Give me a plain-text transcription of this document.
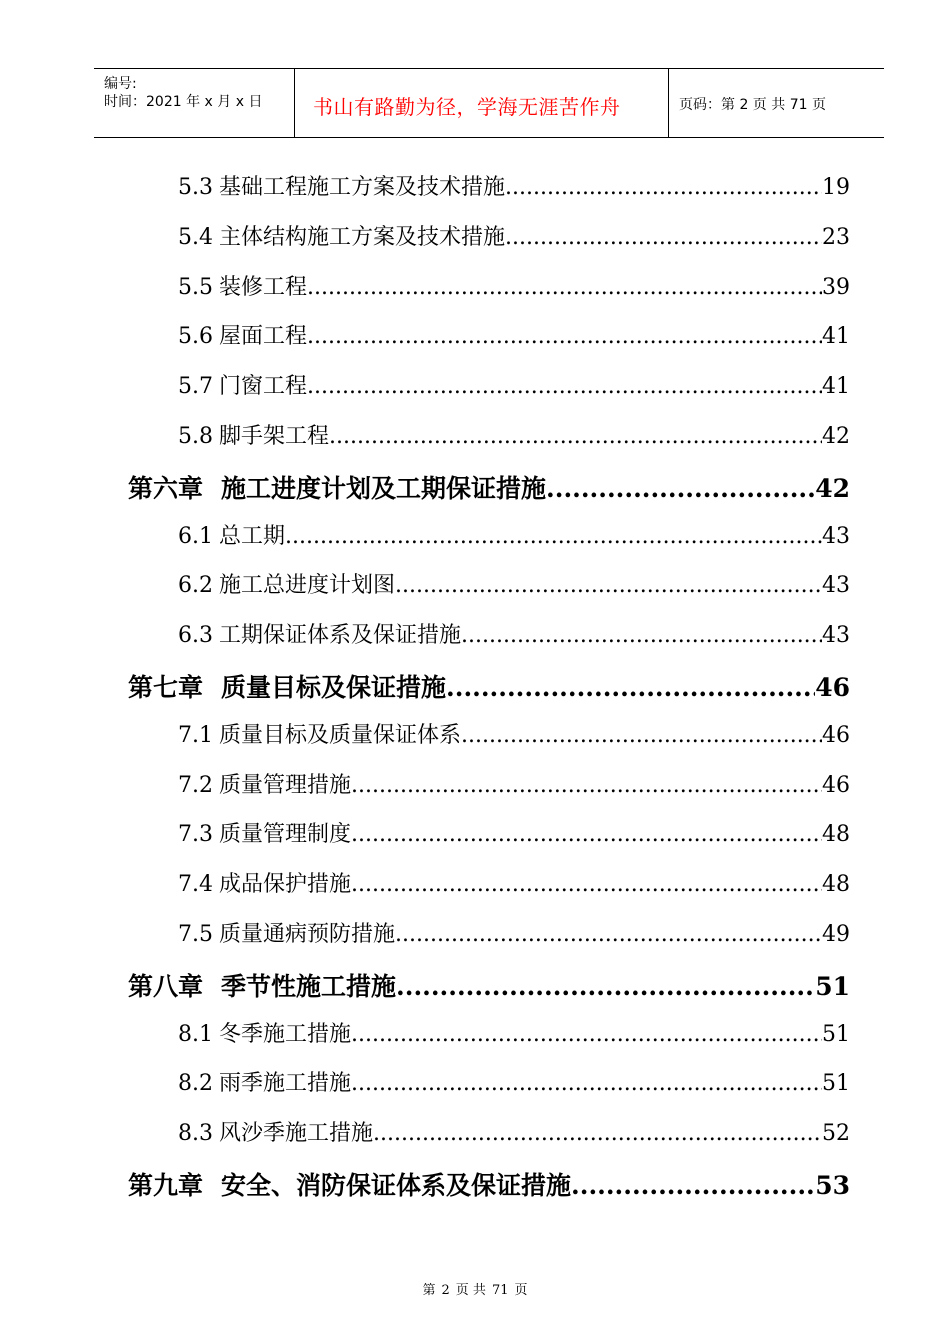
编号:
时间：2021 年 x 月 x 日	书山有路勤为径，学海无涯苦作舟	页码：第 2 页 共 71 页
5.3 基础工程施工方案及技术措施 .....	19
5.4 主体结构施工方案及技术措施 .....	23
5.5 装修工程 .....	39
5.6 屋面工程 .....	41
5.7 门窗工程 .....	41
5.8 脚手架工程 .....	42
第六章 施工进度计划及工期保证措施 .....	42
6.1 总工期 .....	43
6.2 施工总进度计划图 .....	43
6.3 工期保证体系及保证措施 .....	43
第七章 质量目标及保证措施 .....	46
7.1 质量目标及质量保证体系 .....	46
7.2 质量管理措施 .....	46
7.3 质量管理制度 .....	48
7.4 成品保护措施 .....	48
7.5 质量通病预防措施 .....	49
第八章 季节性施工措施 .....	51
8.1 冬季施工措施 .....	51
8.2 雨季施工措施 .....	51
8.3 风沙季施工措施 .....	52
第九章 安全、消防保证体系及保证措施 .....	53
第 2 页 共 71 页
